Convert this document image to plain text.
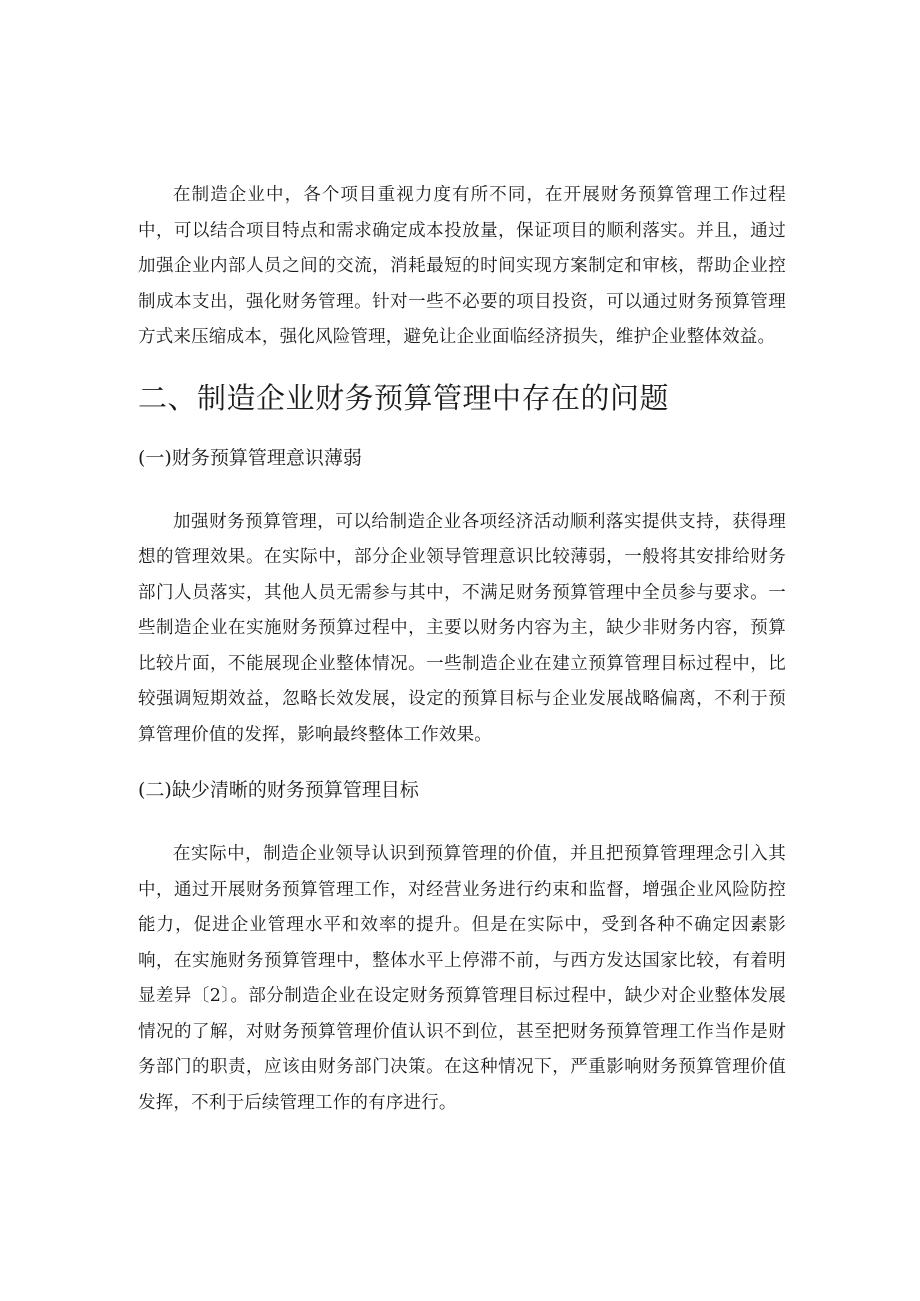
在制造企业中，各个项目重视力度有所不同，在开展财务预算管理工作过程中，可以结合项目特点和需求确定成本投放量，保证项目的顺利落实。并且，通过加强企业内部人员之间的交流，消耗最短的时间实现方案制定和审核，帮助企业控制成本支出，强化财务管理。针对一些不必要的项目投资，可以通过财务预算管理方式来压缩成本，强化风险管理，避免让企业面临经济损失，维护企业整体效益。

二、制造企业财务预算管理中存在的问题
(一)财务预算管理意识薄弱

加强财务预算管理，可以给制造企业各项经济活动顺利落实提供支持，获得理想的管理效果。在实际中，部分企业领导管理意识比较薄弱，一般将其安排给财务部门人员落实，其他人员无需参与其中，不满足财务预算管理中全员参与要求。一些制造企业在实施财务预算过程中，主要以财务内容为主，缺少非财务内容，预算比较片面，不能展现企业整体情况。一些制造企业在建立预算管理目标过程中，比较强调短期效益，忽略长效发展，设定的预算目标与企业发展战略偏离，不利于预算管理价值的发挥，影响最终整体工作效果。

(二)缺少清晰的财务预算管理目标

在实际中，制造企业领导认识到预算管理的价值，并且把预算管理理念引入其中，通过开展财务预算管理工作，对经营业务进行约束和监督，增强企业风险防控能力，促进企业管理水平和效率的提升。但是在实际中，受到各种不确定因素影响，在实施财务预算管理中，整体水平上停滞不前，与西方发达国家比较，有着明显差异〔2〕。部分制造企业在设定财务预算管理目标过程中，缺少对企业整体发展情况的了解，对财务预算管理价值认识不到位，甚至把财务预算管理工作当作是财务部门的职责，应该由财务部门决策。在这种情况下，严重影响财务预算管理价值发挥，不利于后续管理工作的有序进行。
